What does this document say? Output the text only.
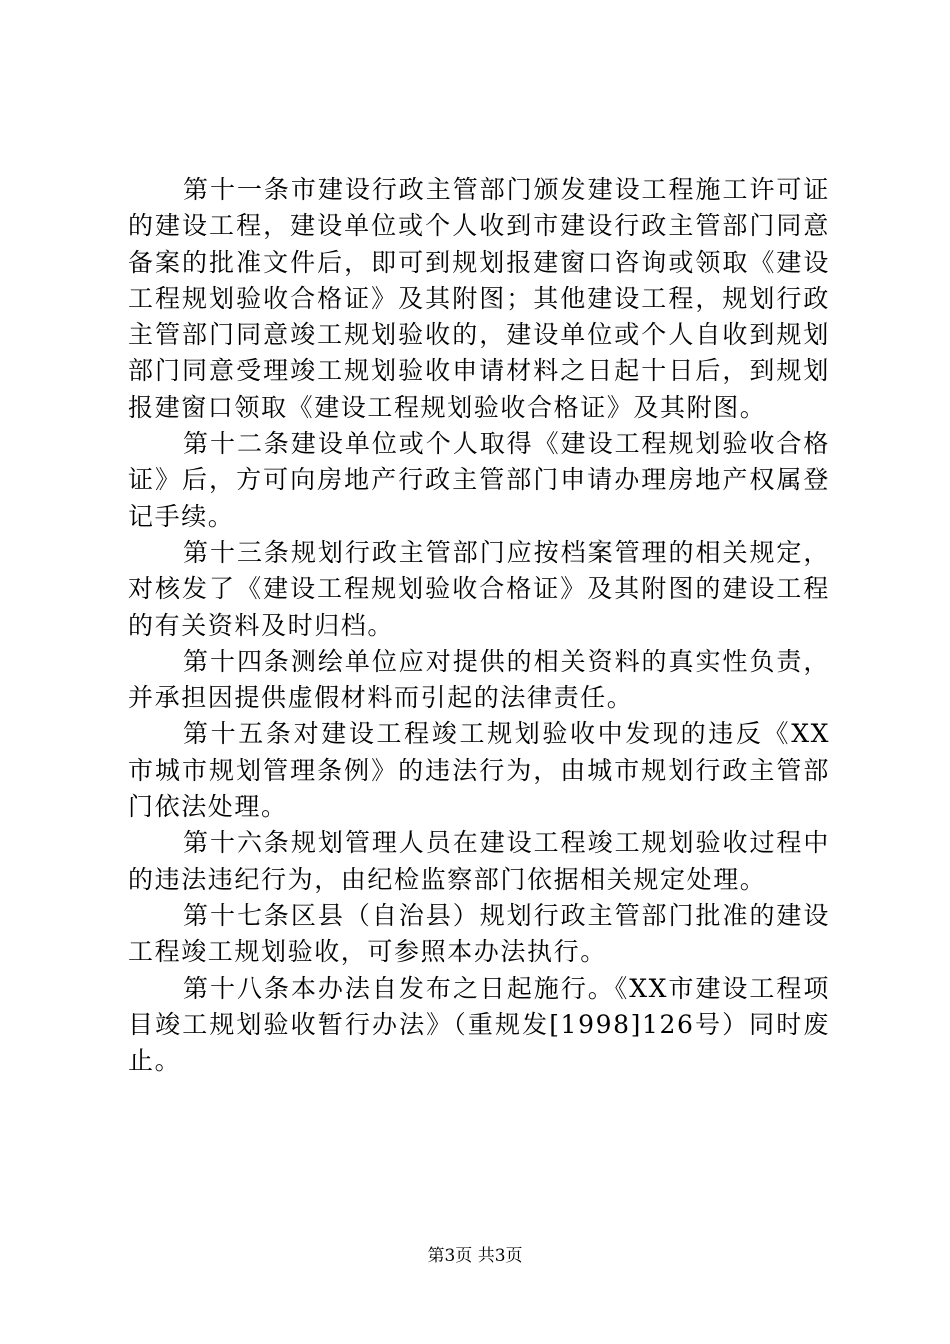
第十一条市建设行政主管部门颁发建设工程施工许可证的建设工程，建设单位或个人收到市建设行政主管部门同意备案的批准文件后，即可到规划报建窗口咨询或领取《建设工程规划验收合格证》及其附图；其他建设工程，规划行政主管部门同意竣工规划验收的，建设单位或个人自收到规划部门同意受理竣工规划验收申请材料之日起十日后，到规划报建窗口领取《建设工程规划验收合格证》及其附图。

第十二条建设单位或个人取得《建设工程规划验收合格证》后，方可向房地产行政主管部门申请办理房地产权属登记手续。

第十三条规划行政主管部门应按档案管理的相关规定，对核发了《建设工程规划验收合格证》及其附图的建设工程的有关资料及时归档。

第十四条测绘单位应对提供的相关资料的真实性负责，并承担因提供虚假材料而引起的法律责任。

第十五条对建设工程竣工规划验收中发现的违反《XX市城市规划管理条例》的违法行为，由城市规划行政主管部门依法处理。

第十六条规划管理人员在建设工程竣工规划验收过程中的违法违纪行为，由纪检监察部门依据相关规定处理。

第十七条区县（自治县）规划行政主管部门批准的建设工程竣工规划验收，可参照本办法执行。

第十八条本办法自发布之日起施行。《XX市建设工程项目竣工规划验收暂行办法》（重规发[1998]126号）同时废止。

第3页 共3页
